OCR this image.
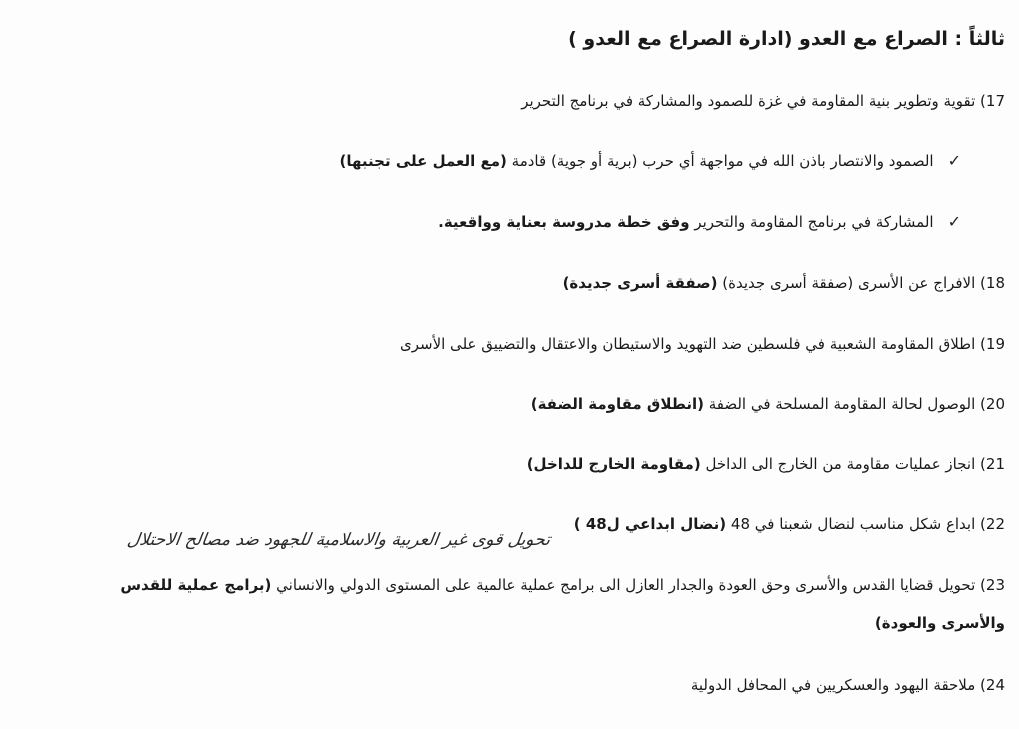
ثالثاً : الصراع مع العدو (ادارة الصراع مع العدو )
17) تقوية وتطوير بنية المقاومة في غزة للصمود والمشاركة في برنامج التحرير
✓
الصمود والانتصار باذن الله في مواجهة أي حرب (برية أو جوية) قادمة (مع العمل على تجنبها)
✓
المشاركة في برنامج المقاومة والتحرير وفق خطة مدروسة بعناية وواقعية.
18) الافراج عن الأسرى (صفقة أسرى جديدة) (صفقة أسرى جديدة)
19) اطلاق المقاومة الشعبية في فلسطين ضد التهويد والاستيطان والاعتقال والتضييق على الأسرى
20) الوصول لحالة المقاومة المسلحة في الضفة (انطلاق مقاومة الضفة)
21) انجاز عمليات مقاومة من الخارج الى الداخل (مقاومة الخارج للداخل)
22) ابداع شكل مناسب لنضال شعبنا في 48 (نضال ابداعي ل48 )
تحويل قوى غير العربية والاسلامية للجهود ضد مصالح الاحتلال
23) تحويل قضايا القدس والأسرى وحق العودة والجدار العازل الى برامج عملية عالمية على المستوى الدولي والانساني (برامج عملية للقدس
والأسرى والعودة)
24) ملاحقة اليهود والعسكريين في المحافل الدولية
